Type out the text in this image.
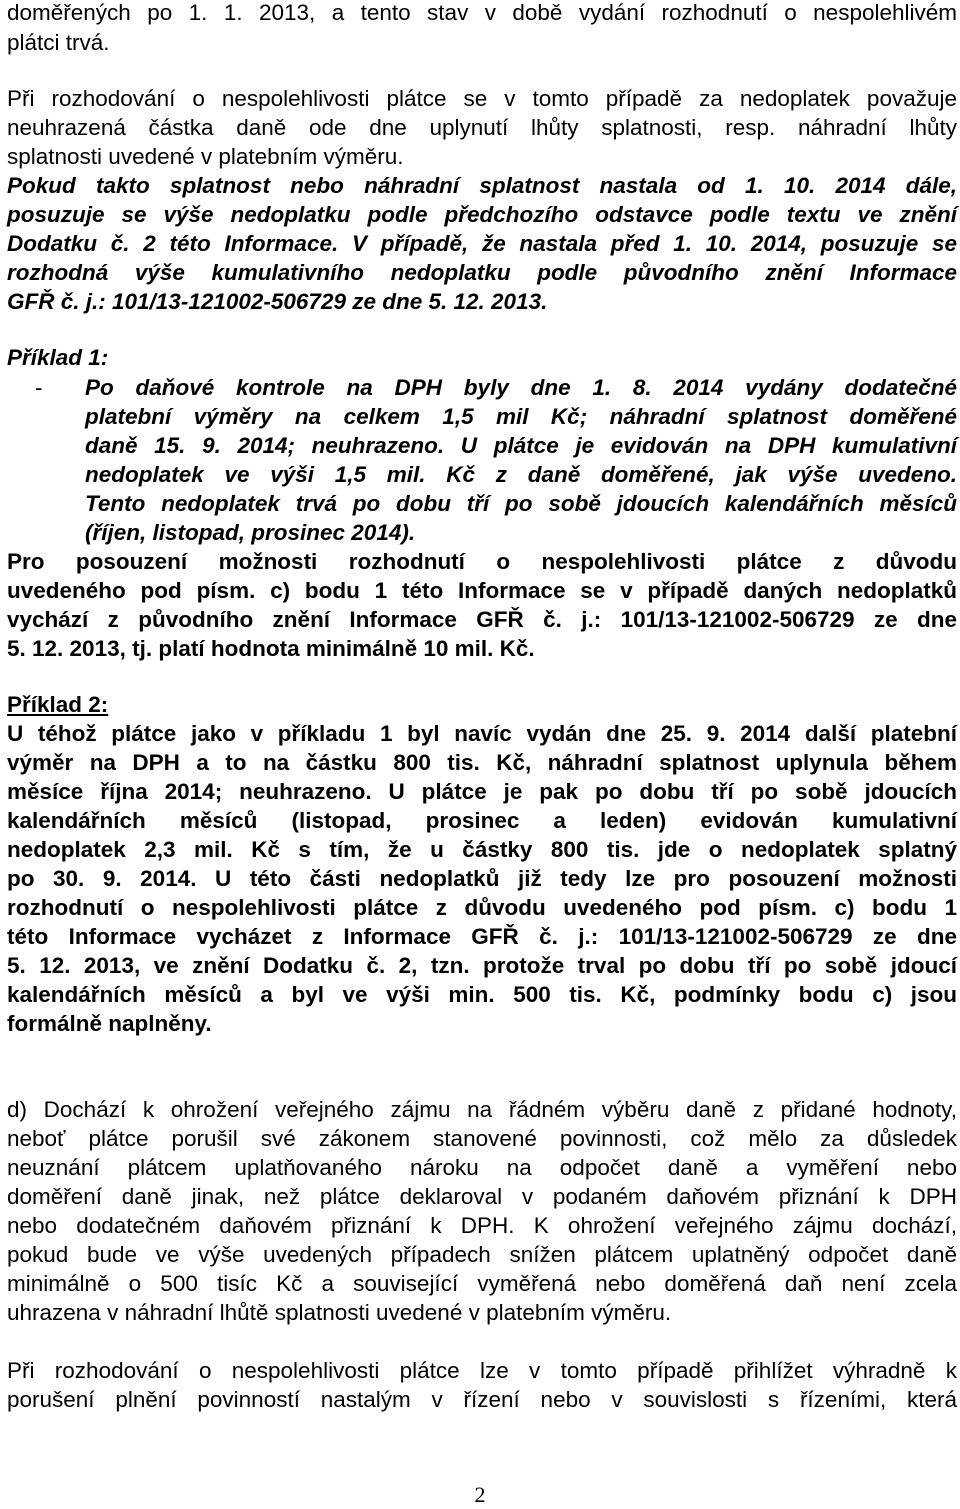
doměřených po 1. 1. 2013, a tento stav v době vydání rozhodnutí o nespolehlivém
plátci trvá.
Při rozhodování o nespolehlivosti plátce se v tomto případě za nedoplatek považuje
neuhrazená částka daně ode dne uplynutí lhůty splatnosti, resp. náhradní lhůty
splatnosti uvedené v platebním výměru.
Pokud takto splatnost nebo náhradní splatnost nastala od 1. 10. 2014 dále,
posuzuje se výše nedoplatku podle předchozího odstavce podle textu ve znění
Dodatku č. 2 této Informace. V případě, že nastala před 1. 10. 2014, posuzuje se
rozhodná výše kumulativního nedoplatku podle původního znění Informace
GFŘ č. j.: 101/13-121002-506729 ze dne 5. 12. 2013.
Příklad 1:
-	Po daňové kontrole na DPH byly dne 1. 8. 2014 vydány dodatečné
platební výměry na celkem 1,5 mil Kč; náhradní splatnost doměřené
daně 15. 9. 2014; neuhrazeno. U plátce je evidován na DPH kumulativní
nedoplatek ve výši 1,5 mil. Kč z daně doměřené, jak výše uvedeno.
Tento nedoplatek trvá po dobu tří po sobě jdoucích kalendářních měsíců
(říjen, listopad, prosinec 2014).
Pro posouzení možnosti rozhodnutí o nespolehlivosti plátce z důvodu
uvedeného pod písm. c) bodu 1 této Informace se v případě daných nedoplatků
vychází z původního znění Informace GFŘ č. j.: 101/13-121002-506729 ze dne
5. 12. 2013, tj. platí hodnota minimálně 10 mil. Kč.
Příklad 2:
U téhož plátce jako v příkladu 1 byl navíc vydán dne 25. 9. 2014 další platební
výměr na DPH a to na částku 800 tis. Kč, náhradní splatnost uplynula během
měsíce října 2014; neuhrazeno. U plátce je pak po dobu tří po sobě jdoucích
kalendářních měsíců (listopad, prosinec a leden) evidován kumulativní
nedoplatek 2,3 mil. Kč s tím, že u částky 800 tis. jde o nedoplatek splatný
po 30. 9. 2014. U této části nedoplatků již tedy lze pro posouzení možnosti
rozhodnutí o nespolehlivosti plátce z důvodu uvedeného pod písm. c) bodu 1
této Informace vycházet z Informace GFŘ č. j.: 101/13-121002-506729 ze dne
5. 12. 2013, ve znění Dodatku č. 2, tzn. protože trval po dobu tří po sobě jdoucí
kalendářních měsíců a byl ve výši min. 500 tis. Kč, podmínky bodu c) jsou
formálně naplněny.
d) Dochází k ohrožení veřejného zájmu na řádném výběru daně z přidané hodnoty,
neboť plátce porušil své zákonem stanovené povinnosti, což mělo za důsledek
neuznání plátcem uplatňovaného nároku na odpočet daně a vyměření nebo
doměření daně jinak, než plátce deklaroval v podaném daňovém přiznání k DPH
nebo dodatečném daňovém přiznání k DPH. K ohrožení veřejného zájmu dochází,
pokud bude ve výše uvedených případech snížen plátcem uplatněný odpočet daně
minimálně o 500 tisíc Kč a související vyměřená nebo doměřená daň není zcela
uhrazena v náhradní lhůtě splatnosti uvedené v platebním výměru.
Při rozhodování o nespolehlivosti plátce lze v tomto případě přihlížet výhradně k
porušení plnění povinností nastalým v řízení nebo v souvislosti s řízeními, která
2
